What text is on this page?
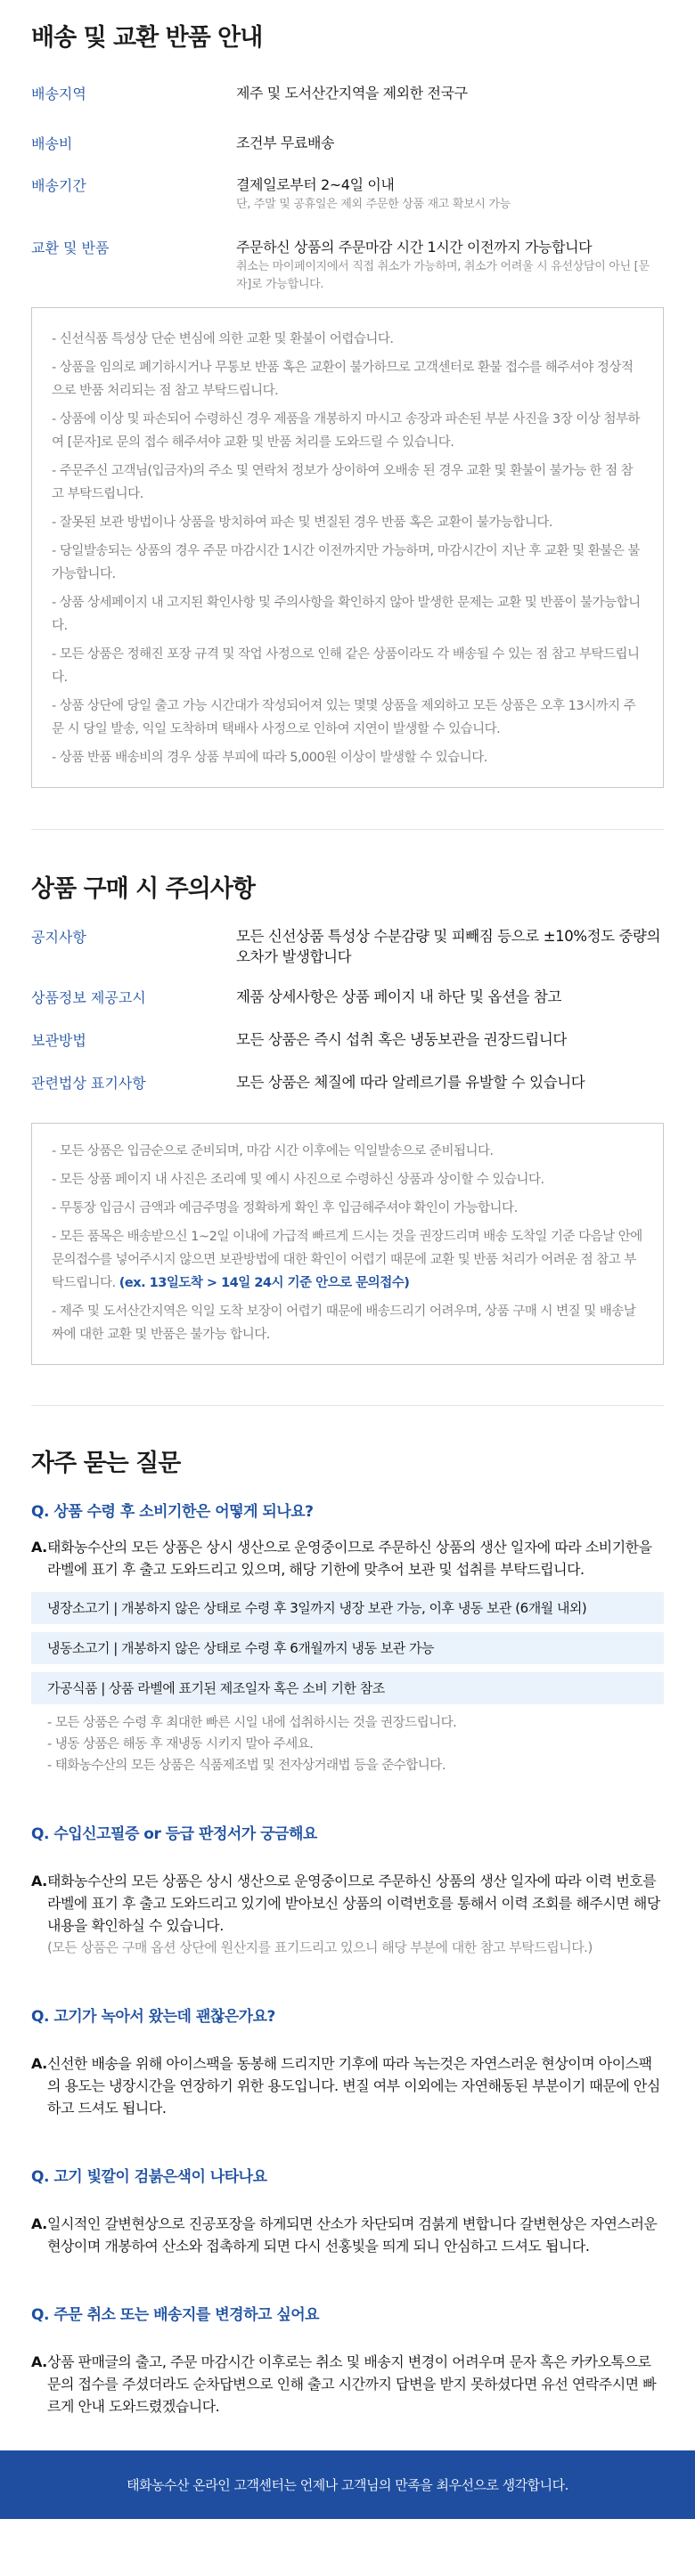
배송 및 교환 반품 안내
배송지역	제주 및 도서산간지역을 제외한 전국구
배송비	조건부 무료배송
배송기간	결제일로부터 2~4일 이내
단, 주말 및 공휴일은 제외 주문한 상품 재고 확보시 가능
교환 및 반품	주문하신 상품의 주문마감 시간 1시간 이전까지 가능합니다
취소는 마이페이지에서 직접 취소가 가능하며, 취소가 어려울 시 유선상담이 아닌 [문자]로 가능합니다.

- 신선식품 특성상 단순 변심에 의한 교환 및 환불이 어렵습니다.

- 상품을 임의로 폐기하시거나 무통보 반품 혹은 교환이 불가하므로 고객센터로 환불 접수를 해주셔야 정상적으로 반품 처리되는 점 참고 부탁드립니다.

- 상품에 이상 및 파손되어 수령하신 경우 제품을 개봉하지 마시고 송장과 파손된 부분 사진을 3장 이상 첨부하여 [문자]로 문의 접수 해주셔야 교환 및 반품 처리를 도와드릴 수 있습니다.

- 주문주신 고객님(입금자)의 주소 및 연락처 정보가 상이하여 오배송 된 경우 교환 및 환불이 불가능 한 점 참고 부탁드립니다.

- 잘못된 보관 방법이나 상품을 방치하여 파손 및 변질된 경우 반품 혹은 교환이 불가능합니다.

- 당일발송되는 상품의 경우 주문 마감시간 1시간 이전까지만 가능하며, 마감시간이 지난 후 교환 및 환불은 불가능합니다.

- 상품 상세페이지 내 고지된 확인사항 및 주의사항을 확인하지 않아 발생한 문제는 교환 및 반품이 불가능합니다.

- 모든 상품은 정해진 포장 규격 및 작업 사정으로 인해 같은 상품이라도 각 배송될 수 있는 점 참고 부탁드립니다.

- 상품 상단에 당일 출고 가능 시간대가 작성되어져 있는 몇몇 상품을 제외하고 모든 상품은 오후 13시까지 주문 시 당일 발송, 익일 도착하며 택배사 사정으로 인하여 지연이 발생할 수 있습니다.

- 상품 반품 배송비의 경우 상품 부피에 따라 5,000원 이상이 발생할 수 있습니다.

상품 구매 시 주의사항
공지사항	모든 신선상품 특성상 수분감량 및 피빼짐 등으로 ±10%정도 중량의 오차가 발생합니다
상품정보 제공고시	제품 상세사항은 상품 페이지 내 하단 및 옵션을 참고
보관방법	모든 상품은 즉시 섭취 혹은 냉동보관을 권장드립니다
관련법상 표기사항	모든 상품은 체질에 따라 알레르기를 유발할 수 있습니다

- 모든 상품은 입금순으로 준비되며, 마감 시간 이후에는 익일발송으로 준비됩니다.

- 모든 상품 페이지 내 사진은 조리예 및 예시 사진으로 수령하신 상품과 상이할 수 있습니다.

- 무통장 입금시 금액과 예금주명을 정확하게 확인 후 입금해주셔야 확인이 가능합니다.

- 모든 품목은 배송받으신 1~2일 이내에 가급적 빠르게 드시는 것을 권장드리며 배송 도착일 기준 다음날 안에 문의접수를 넣어주시지 않으면 보관방법에 대한 확인이 어렵기 때문에 교환 및 반품 처리가 어려운 점 참고 부탁드립니다. (ex. 13일도착 > 14일 24시 기준 안으로 문의접수)

- 제주 및 도서산간지역은 익일 도착 보장이 어렵기 때문에 배송드리기 어려우며, 상품 구매 시 변질 및 배송날짜에 대한 교환 및 반품은 불가능 합니다.

자주 묻는 질문
Q. 상품 수령 후 소비기한은 어떻게 되나요?
A. 태화농수산의 모든 상품은 상시 생산으로 운영중이므로 주문하신 상품의 생산 일자에 따라 소비기한을 라벨에 표기 후 출고 도와드리고 있으며, 해당 기한에 맞추어 보관 및 섭취를 부탁드립니다.
냉장소고기 | 개봉하지 않은 상태로 수령 후 3일까지 냉장 보관 가능, 이후 냉동 보관 (6개월 내외)
냉동소고기 | 개봉하지 않은 상태로 수령 후 6개월까지 냉동 보관 가능
가공식품 | 상품 라벨에 표기된 제조일자 혹은 소비 기한 참조

- 모든 상품은 수령 후 최대한 빠른 시일 내에 섭취하시는 것을 권장드립니다.

- 냉동 상품은 해동 후 재냉동 시키지 말아 주세요.

- 태화농수산의 모든 상품은 식품제조법 및 전자상거래법 등을 준수합니다.

Q. 수입신고필증 or 등급 판정서가 궁금해요
A. 태화농수산의 모든 상품은 상시 생산으로 운영중이므로 주문하신 상품의 생산 일자에 따라 이력 번호를 라벨에 표기 후 출고 도와드리고 있기에 받아보신 상품의 이력번호를 통해서 이력 조회를 해주시면 해당 내용을 확인하실 수 있습니다.
(모든 상품은 구매 옵션 상단에 원산지를 표기드리고 있으니 해당 부분에 대한 참고 부탁드립니다.)
Q. 고기가 녹아서 왔는데 괜찮은가요?
A. 신선한 배송을 위해 아이스팩을 동봉해 드리지만 기후에 따라 녹는것은 자연스러운 현상이며 아이스팩의 용도는 냉장시간을 연장하기 위한 용도입니다. 변질 여부 이외에는 자연해동된 부분이기 때문에 안심하고 드셔도 됩니다.
Q. 고기 빛깔이 검붉은색이 나타나요
A. 일시적인 갈변현상으로 진공포장을 하게되면 산소가 차단되며 검붉게 변합니다 갈변현상은 자연스러운 현상이며 개봉하여 산소와 접촉하게 되면 다시 선홍빛을 띄게 되니 안심하고 드셔도 됩니다.
Q. 주문 취소 또는 배송지를 변경하고 싶어요
A. 상품 판매글의 출고, 주문 마감시간 이후로는 취소 및 배송지 변경이 어려우며 문자 혹은 카카오톡으로 문의 접수를 주셨더라도 순차답변으로 인해 출고 시간까지 답변을 받지 못하셨다면 유선 연락주시면 빠르게 안내 도와드렸겠습니다.
태화농수산 온라인 고객센터는 언제나 고객님의 만족을 최우선으로 생각합니다.
